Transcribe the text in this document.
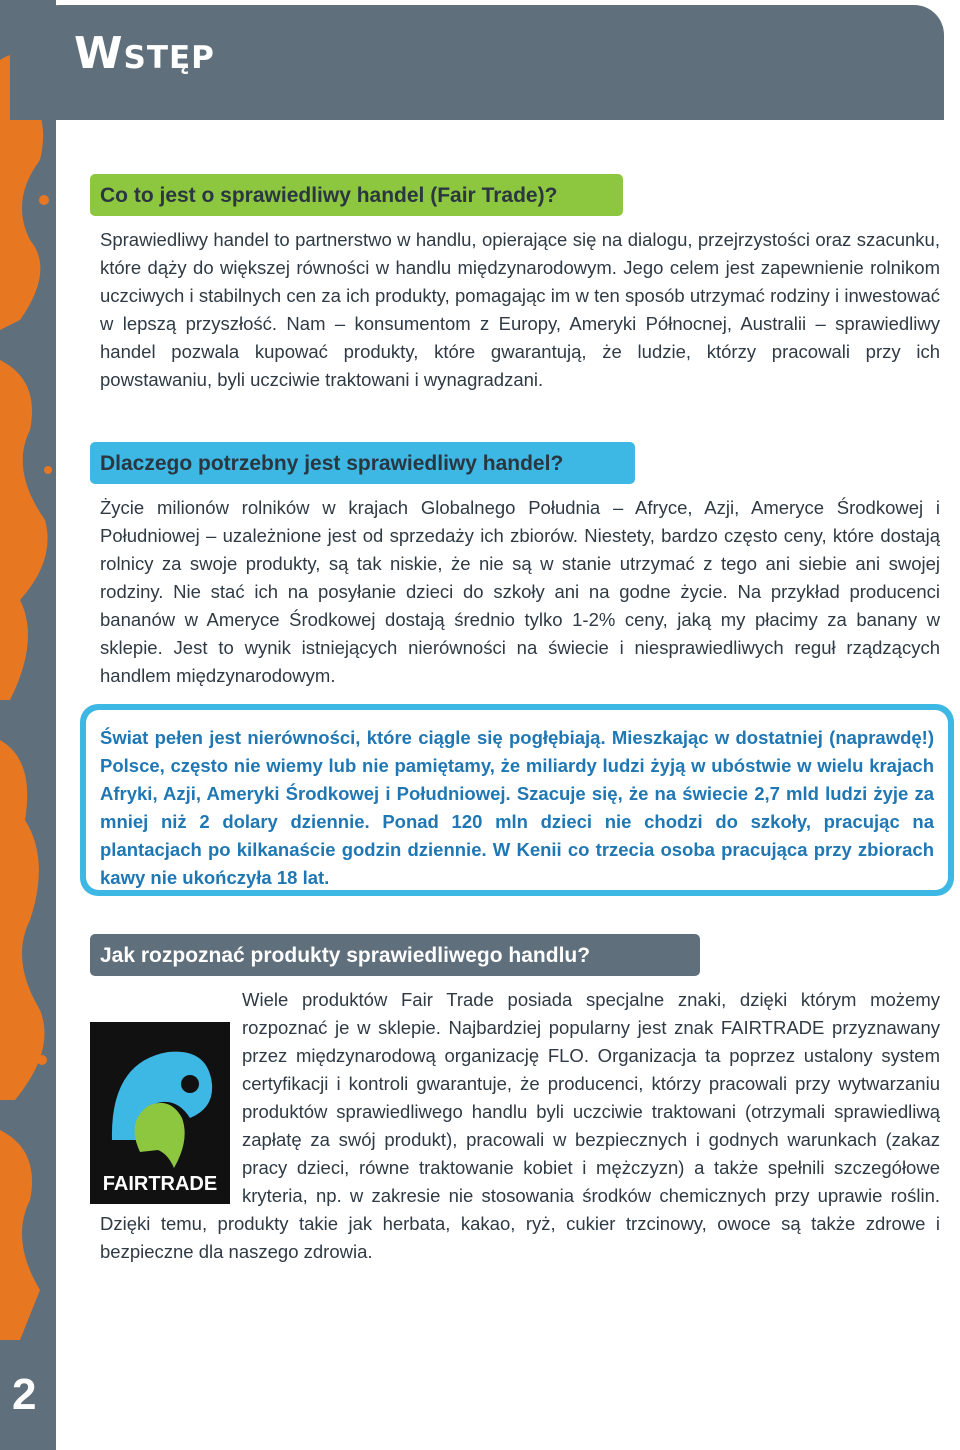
Wstęp
Co to jest o sprawiedliwy handel (Fair Trade)?

Sprawiedliwy handel to partnerstwo w handlu, opierające się na dialogu, przejrzystości oraz szacunku, które dąży do większej równości w handlu międzynarodowym. Jego celem jest zapewnienie rolnikom uczciwych i stabilnych cen za ich produkty, pomagając im w ten sposób utrzymać rodziny i inwestować w lepszą przyszłość. Nam – konsumentom z Europy, Ameryki Północnej, Australii – sprawiedliwy handel pozwala kupować produkty, które gwarantują, że ludzie, którzy pracowali przy ich powstawaniu, byli uczciwie traktowani i wynagradzani.

Dlaczego potrzebny jest sprawiedliwy handel?

Życie milionów rolników w krajach Globalnego Południa – Afryce, Azji, Ameryce Środkowej i Południowej – uzależnione jest od sprzedaży ich zbiorów. Niestety, bardzo często ceny, które dostają rolnicy za swoje produkty, są tak niskie, że nie są w stanie utrzymać z tego ani siebie ani swojej rodziny. Nie stać ich na posyłanie dzieci do szkoły ani na godne życie. Na przykład producenci bananów w Ameryce Środkowej dostają średnio tylko 1-2% ceny, jaką my płacimy za banany w sklepie. Jest to wynik istniejących nierówności na świecie i niesprawiedliwych reguł rządzących handlem międzynarodowym.

Świat pełen jest nierówności, które ciągle się pogłębiają. Mieszkając w dostatniej (naprawdę!) Polsce, często nie wiemy lub nie pamiętamy, że miliardy ludzi żyją w ubóstwie w wielu krajach Afryki, Azji, Ameryki Środkowej i Południowej. Szacuje się, że na świecie 2,7 mld ludzi żyje za mniej niż 2 dolary dziennie. Ponad 120 mln dzieci nie chodzi do szkoły, pracując na plantacjach po kilkanaście godzin dziennie. W Kenii co trzecia osoba pracująca przy zbiorach kawy nie ukończyła 18 lat.

Jak rozpoznać produkty sprawiedliwego handlu?
FAIRTRADE
Wiele produktów Fair Trade posiada specjalne znaki, dzięki którym możemy rozpoznać je w sklepie. Najbardziej popularny jest znak FAIRTRADE przyznawany przez międzynarodową organizację FLO. Organizacja ta poprzez ustalony system certyfikacji i kontroli gwarantuje, że producenci, którzy pracowali przy wytwarzaniu produktów sprawiedliwego handlu byli uczciwie traktowani (otrzymali sprawiedliwą zapłatę za swój produkt), pracowali w bezpiecznych i godnych warunkach (zakaz pracy dzieci, równe traktowanie kobiet i mężczyzn) a także spełnili szczegółowe kryteria, np. w zakresie nie stosowania środków chemicznych przy uprawie roślin. Dzięki temu, produkty takie jak herbata, kakao, ryż, cukier trzcinowy, owoce są także zdrowe i bezpieczne dla naszego zdrowia.

2
